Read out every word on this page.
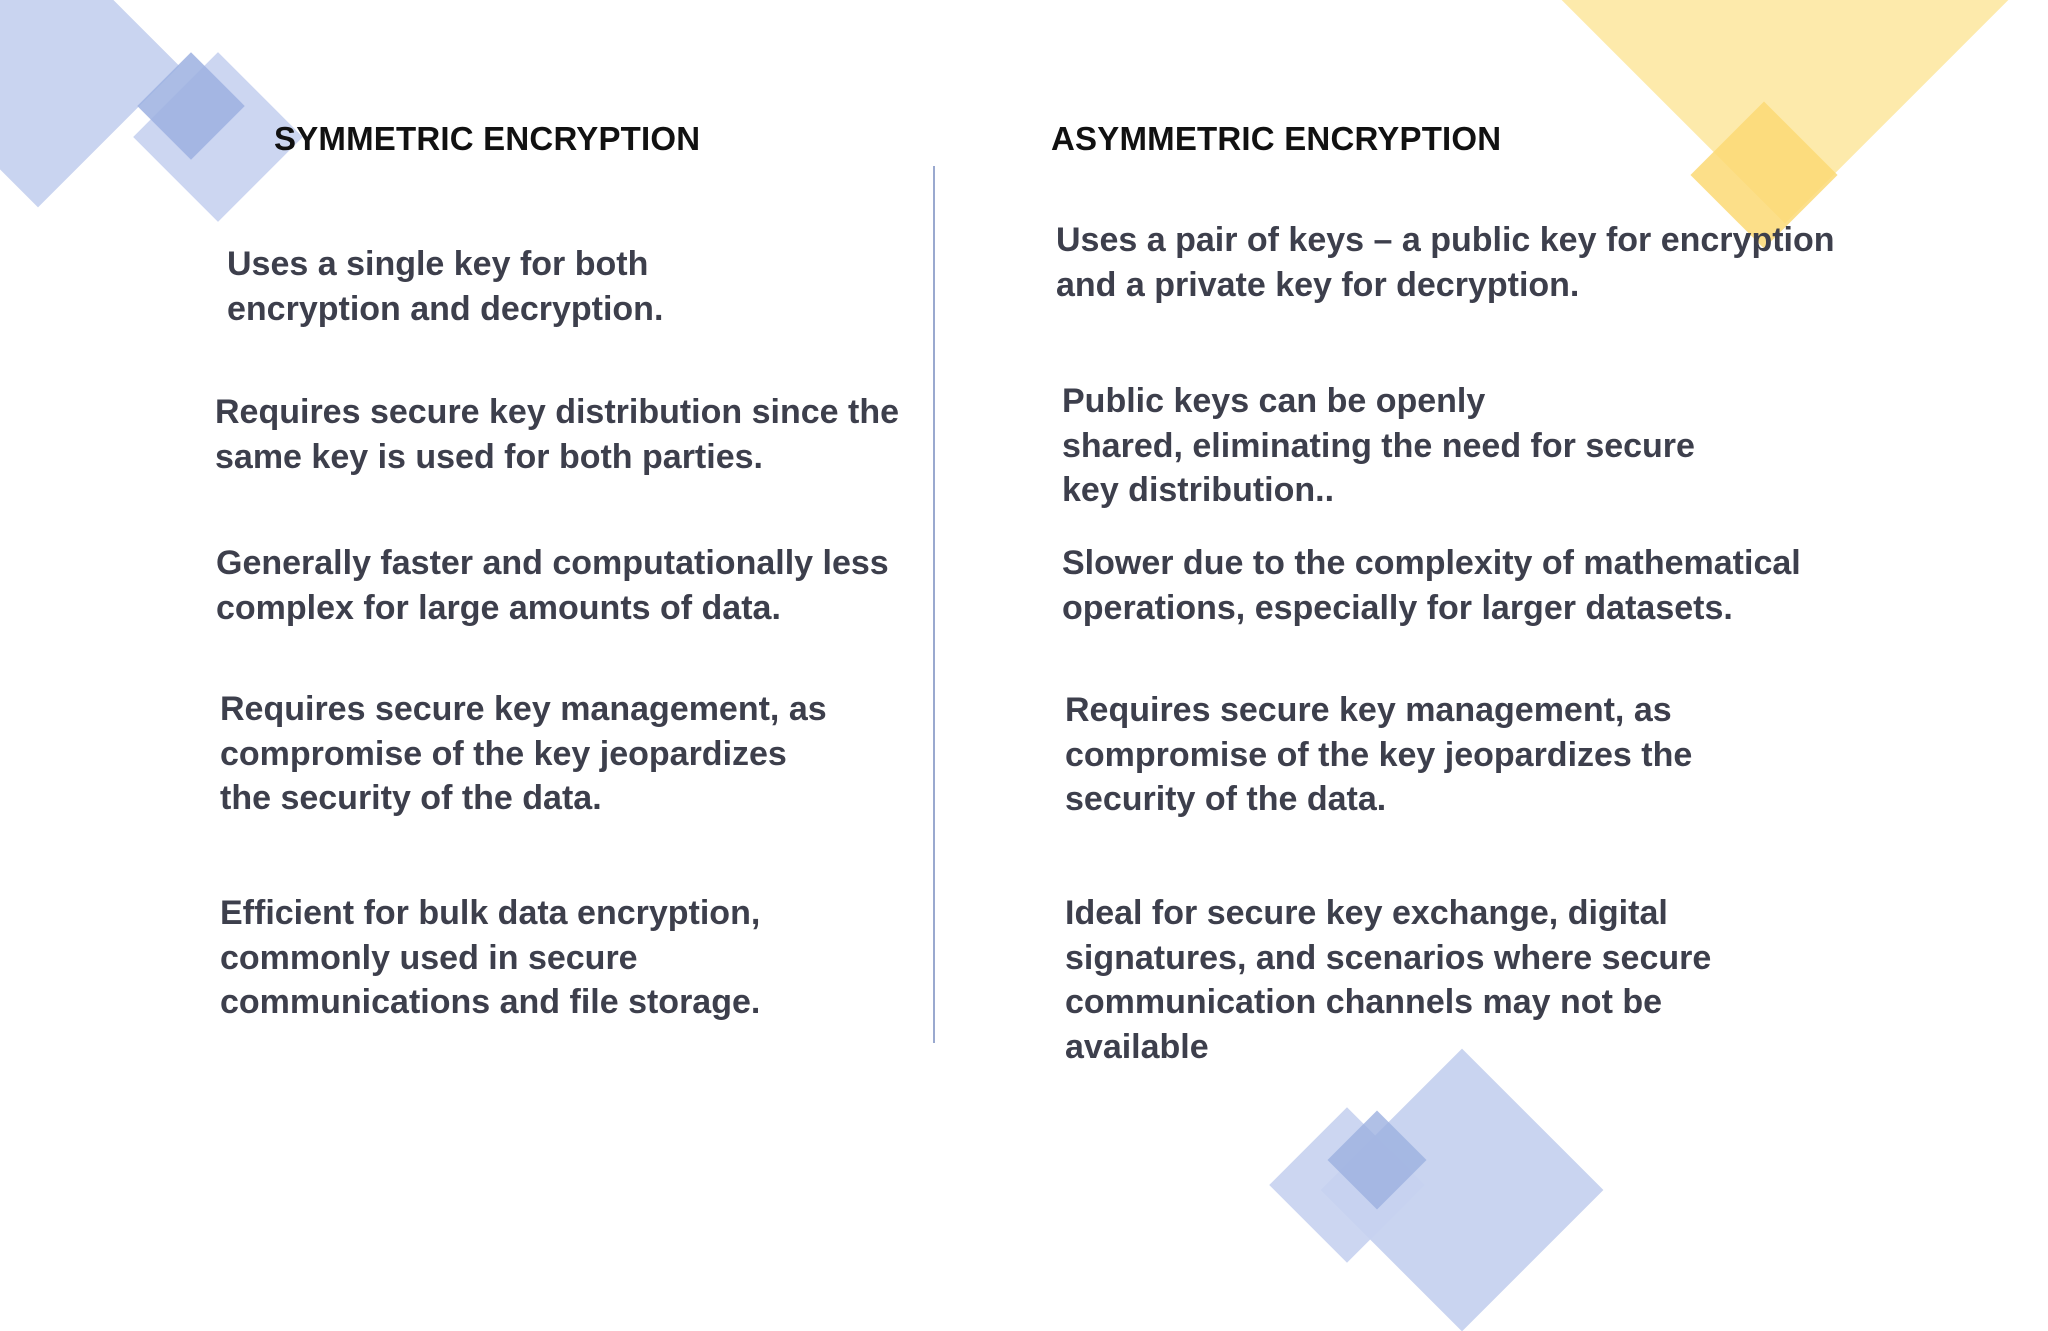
SYMMETRIC ENCRYPTION
Uses a single key for both
encryption and decryption.
Requires secure key distribution since the
same key is used for both parties.
Generally faster and computationally less
complex for large amounts of data.
Requires secure key management, as
compromise of the key jeopardizes
the security of the data.
Efficient for bulk data encryption,
commonly used in secure
communications and file storage.
ASYMMETRIC ENCRYPTION
Uses a pair of keys – a public key for encryption
and a private key for decryption.
Public keys can be openly
shared, eliminating the need for secure
key distribution..
Slower due to the complexity of mathematical
operations, especially for larger datasets.
Requires secure key management, as
compromise of the key jeopardizes the
security of the data.
Ideal for secure key exchange, digital
signatures, and scenarios where secure
communication channels may not be
available
